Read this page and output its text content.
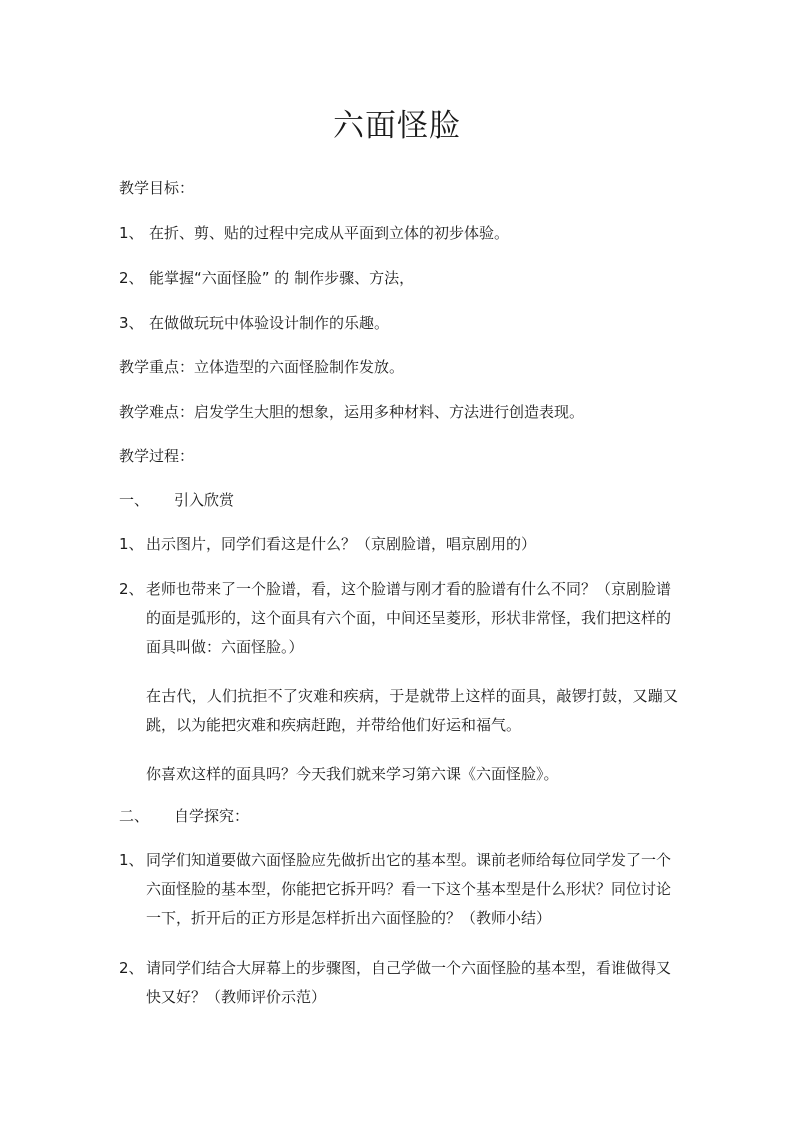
六面怪脸
教学目标：
1、 在折、剪、贴的过程中完成从平面到立体的初步体验。
2、 能掌握“六面怪脸” 的 制作步骤、方法，
3、 在做做玩玩中体验设计制作的乐趣。
教学重点：立体造型的六面怪脸制作发放。
教学难点：启发学生大胆的想象，运用多种材料、方法进行创造表现。
教学过程：
一、 引入欣赏
1、 出示图片，同学们看这是什么？（京剧脸谱，唱京剧用的）
2、 老师也带来了一个脸谱，看，这个脸谱与刚才看的脸谱有什么不同？（京剧脸谱的面是弧形的，这个面具有六个面，中间还呈菱形，形状非常怪，我们把这样的面具叫做：六面怪脸。）
在古代，人们抗拒不了灾难和疾病，于是就带上这样的面具，敲锣打鼓，又蹦又跳，以为能把灾难和疾病赶跑，并带给他们好运和福气。
你喜欢这样的面具吗？今天我们就来学习第六课《六面怪脸》。
二、 自学探究：
1、 同学们知道要做六面怪脸应先做折出它的基本型。课前老师给每位同学发了一个六面怪脸的基本型，你能把它拆开吗？看一下这个基本型是什么形状？同位讨论一下，折开后的正方形是怎样折出六面怪脸的？（教师小结）
2、 请同学们结合大屏幕上的步骤图，自己学做一个六面怪脸的基本型，看谁做得又快又好？（教师评价示范）
